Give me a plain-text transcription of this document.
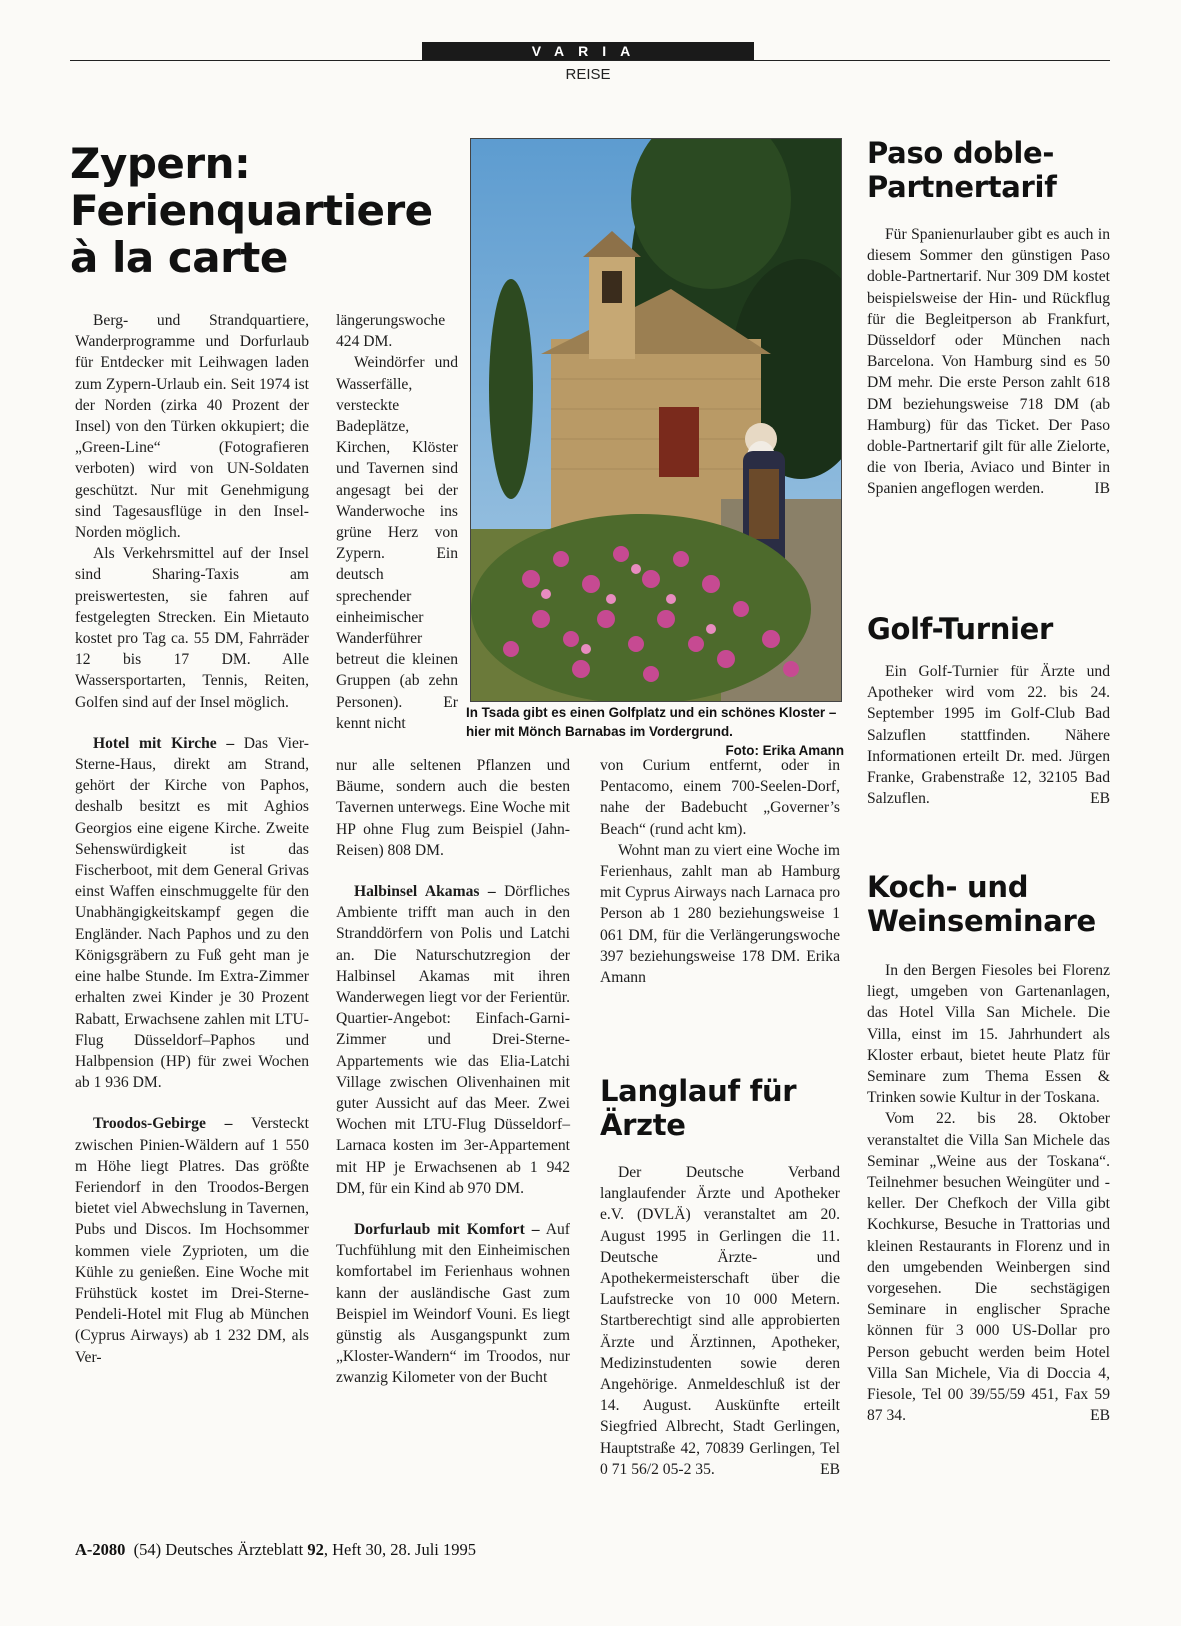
VARIA
REISE
Zypern:
Ferienquartiere
à la carte

Berg- und Strandquartiere, Wanderprogramme und Dorfurlaub für Entdecker mit Leihwagen laden zum Zypern-Urlaub ein. Seit 1974 ist der Norden (zirka 40 Prozent der Insel) von den Türken okkupiert; die „Green-Line“ (Fotografieren verboten) wird von UN-Soldaten geschützt. Nur mit Genehmigung sind Tagesausflüge in den Insel-Norden möglich.

Als Verkehrsmittel auf der Insel sind Sharing-Taxis am preiswertesten, sie fahren auf festgelegten Strecken. Ein Mietauto kostet pro Tag ca. 55 DM, Fahrräder 12 bis 17 DM. Alle Wassersportarten, Tennis, Reiten, Golfen sind auf der Insel möglich.

Hotel mit Kirche – Das Vier-Sterne-Haus, direkt am Strand, gehört der Kirche von Paphos, deshalb besitzt es mit Aghios Georgios eine eigene Kirche. Zweite Sehenswürdigkeit ist das Fischerboot, mit dem General Grivas einst Waffen einschmuggelte für den Unabhängigkeitskampf gegen die Engländer. Nach Paphos und zu den Königsgräbern zu Fuß geht man je eine halbe Stunde. Im Extra-Zimmer erhalten zwei Kinder je 30 Prozent Rabatt, Erwachsene zahlen mit LTU-Flug Düsseldorf–Paphos und Halbpension (HP) für zwei Wochen ab 1 936 DM.

Troodos-Gebirge – Versteckt zwischen Pinien-Wäldern auf 1 550 m Höhe liegt Platres. Das größte Feriendorf in den Troodos-Bergen bietet viel Abwechslung in Tavernen, Pubs und Discos. Im Hochsommer kommen viele Zyprioten, um die Kühle zu genießen. Eine Woche mit Frühstück kostet im Drei-Sterne-Pendeli-Hotel mit Flug ab München (Cyprus Airways) ab 1 232 DM, als Ver-

längerungswoche 424 DM.

Weindörfer und Wasserfälle, versteckte Badeplätze, Kirchen, Klöster und Tavernen sind angesagt bei der Wanderwoche ins grüne Herz von Zypern. Ein deutsch sprechender einheimischer Wanderführer betreut die kleinen Gruppen (ab zehn Personen). Er kennt nicht

In Tsada gibt es einen Golfplatz und ein schönes Kloster – hier mit Mönch Barnabas im Vordergrund.
Foto: Erika Amann

nur alle seltenen Pflanzen und Bäume, sondern auch die besten Tavernen unterwegs. Eine Woche mit HP ohne Flug zum Beispiel (Jahn-Reisen) 808 DM.

Halbinsel Akamas – Dörfliches Ambiente trifft man auch in den Stranddörfern von Polis und Latchi an. Die Naturschutzregion der Halbinsel Akamas mit ihren Wanderwegen liegt vor der Ferientür. Quartier-Angebot: Einfach-Garni-Zimmer und Drei-Sterne-Appartements wie das Elia-Latchi Village zwischen Olivenhainen mit guter Aussicht auf das Meer. Zwei Wochen mit LTU-Flug Düsseldorf–Larnaca kosten im 3er-Appartement mit HP je Erwachsenen ab 1 942 DM, für ein Kind ab 970 DM.

Dorfurlaub mit Komfort – Auf Tuchfühlung mit den Einheimischen komfortabel im Ferienhaus wohnen kann der ausländische Gast zum Beispiel im Weindorf Vouni. Es liegt günstig als Ausgangspunkt zum „Kloster-Wandern“ im Troodos, nur zwanzig Kilometer von der Bucht

von Curium entfernt, oder in Pentacomo, einem 700-Seelen-Dorf, nahe der Badebucht „Governer’s Beach“ (rund acht km).

Wohnt man zu viert eine Woche im Ferienhaus, zahlt man ab Hamburg mit Cyprus Airways nach Larnaca pro Person ab 1 280 beziehungsweise 1 061 DM, für die Verlängerungswoche 397 beziehungsweise 178 DM. Erika Amann

Langlauf für
Ärzte

Der Deutsche Verband langlaufender Ärzte und Apotheker e.V. (DVLÄ) veranstaltet am 20. August 1995 in Gerlingen die 11. Deutsche Ärzte- und Apothekermeisterschaft über die Laufstrecke von 10 000 Metern. Startberechtigt sind alle approbierten Ärzte und Ärztinnen, Apotheker, Medizinstudenten sowie deren Angehörige. Anmeldeschluß ist der 14. August. Auskünfte erteilt Siegfried Albrecht, Stadt Gerlingen, Hauptstraße 42, 70839 Gerlingen, Tel 0 71 56/2 05-2 35.	EB

Paso doble-
Partnertarif

Für Spanienurlauber gibt es auch in diesem Sommer den günstigen Paso doble-Partnertarif. Nur 309 DM kostet beispielsweise der Hin- und Rückflug für die Begleitperson ab Frankfurt, Düsseldorf oder München nach Barcelona. Von Hamburg sind es 50 DM mehr. Die erste Person zahlt 618 DM beziehungsweise 718 DM (ab Hamburg) für das Ticket. Der Paso doble-Partnertarif gilt für alle Zielorte, die von Iberia, Aviaco und Binter in Spanien angeflogen werden.	IB

Golf-Turnier

Ein Golf-Turnier für Ärzte und Apotheker wird vom 22. bis 24. September 1995 im Golf-Club Bad Salzuflen stattfinden. Nähere Informationen erteilt Dr. med. Jürgen Franke, Grabenstraße 12, 32105 Bad Salzuflen.	EB

Koch- und
Weinseminare

In den Bergen Fiesoles bei Florenz liegt, umgeben von Gartenanlagen, das Hotel Villa San Michele. Die Villa, einst im 15. Jahrhundert als Kloster erbaut, bietet heute Platz für Seminare zum Thema Essen & Trinken sowie Kultur in der Toskana.

Vom 22. bis 28. Oktober veranstaltet die Villa San Michele das Seminar „Weine aus der Toskana“. Teilnehmer besuchen Weingüter und -keller. Der Chefkoch der Villa gibt Kochkurse, Besuche in Trattorias und kleinen Restaurants in Florenz und in den umgebenden Weinbergen sind vorgesehen. Die sechstägigen Seminare in englischer Sprache können für 3 000 US-Dollar pro Person gebucht werden beim Hotel Villa San Michele, Via di Doccia 4, Fiesole, Tel 00 39/55/59 451, Fax 59 87 34.	EB

A-2080 (54) Deutsches Ärzteblatt 92, Heft 30, 28. Juli 1995
